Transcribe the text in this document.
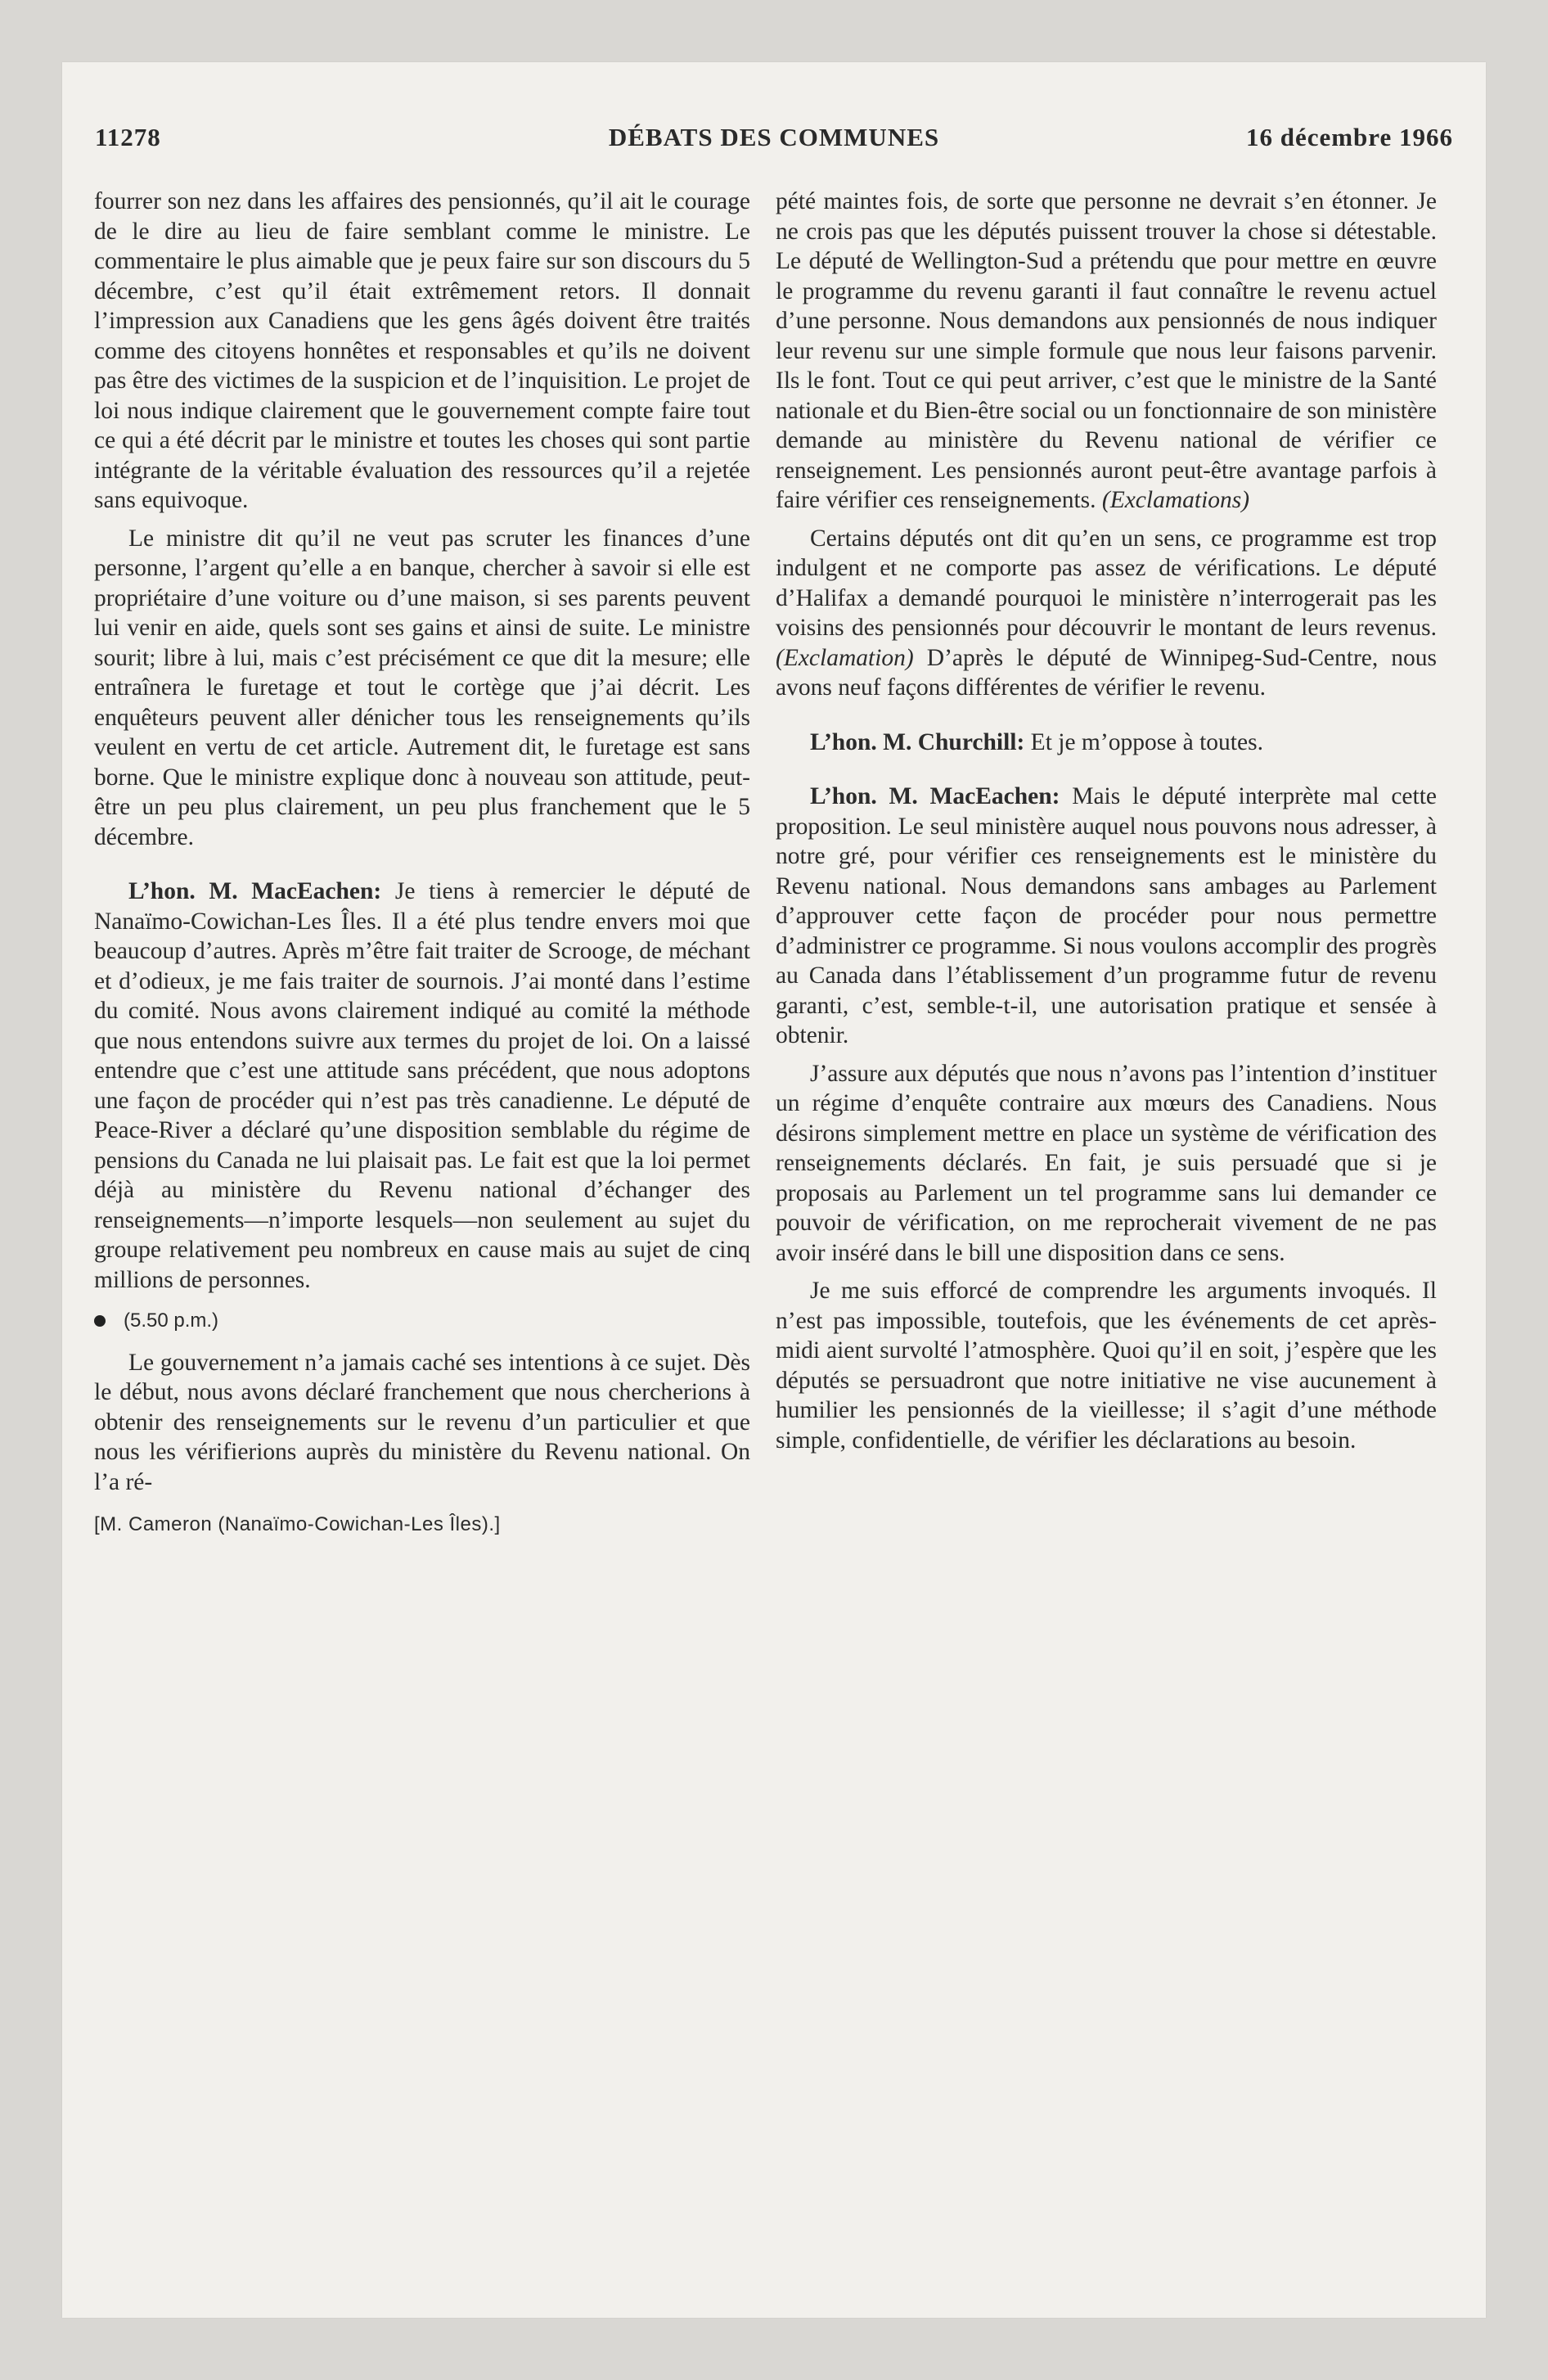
11278	DÉBATS DES COMMUNES	16 décembre 1966

fourrer son nez dans les affaires des pensionnés, qu’il ait le courage de le dire au lieu de faire semblant comme le ministre. Le commentaire le plus aimable que je peux faire sur son discours du 5 décembre, c’est qu’il était extrêmement retors. Il donnait l’impression aux Canadiens que les gens âgés doivent être traités comme des citoyens honnêtes et responsables et qu’ils ne doivent pas être des victimes de la suspicion et de l’inquisition. Le projet de loi nous indique clairement que le gouvernement compte faire tout ce qui a été décrit par le ministre et toutes les choses qui sont partie intégrante de la véritable évaluation des ressources qu’il a rejetée sans equivoque.

Le ministre dit qu’il ne veut pas scruter les finances d’une personne, l’argent qu’elle a en banque, chercher à savoir si elle est propriétaire d’une voiture ou d’une maison, si ses parents peuvent lui venir en aide, quels sont ses gains et ainsi de suite. Le ministre sourit; libre à lui, mais c’est précisément ce que dit la mesure; elle entraînera le furetage et tout le cortège que j’ai décrit. Les enquêteurs peuvent aller dénicher tous les renseignements qu’ils veulent en vertu de cet article. Autrement dit, le furetage est sans borne. Que le ministre explique donc à nouveau son attitude, peut-être un peu plus clairement, un peu plus franchement que le 5 décembre.

L’hon. M. MacEachen: Je tiens à remercier le député de Nanaïmo-Cowichan-Les Îles. Il a été plus tendre envers moi que beaucoup d’autres. Après m’être fait traiter de Scrooge, de méchant et d’odieux, je me fais traiter de sournois. J’ai monté dans l’estime du comité. Nous avons clairement indiqué au comité la méthode que nous entendons suivre aux termes du projet de loi. On a laissé entendre que c’est une attitude sans précédent, que nous adoptons une façon de procéder qui n’est pas très canadienne. Le député de Peace-River a déclaré qu’une disposition semblable du régime de pensions du Canada ne lui plaisait pas. Le fait est que la loi permet déjà au ministère du Revenu national d’échanger des renseignements—n’importe lesquels—non seulement au sujet du groupe relativement peu nombreux en cause mais au sujet de cinq millions de personnes.

(5.50 p.m.)

Le gouvernement n’a jamais caché ses intentions à ce sujet. Dès le début, nous avons déclaré franchement que nous chercherions à obtenir des renseignements sur le revenu d’un particulier et que nous les vérifierions auprès du ministère du Revenu national. On l’a ré-

[M. Cameron (Nanaïmo-Cowichan-Les Îles).]

pété maintes fois, de sorte que personne ne devrait s’en étonner. Je ne crois pas que les députés puissent trouver la chose si détestable. Le député de Wellington-Sud a prétendu que pour mettre en œuvre le programme du revenu garanti il faut connaître le revenu actuel d’une personne. Nous demandons aux pensionnés de nous indiquer leur revenu sur une simple formule que nous leur faisons parvenir. Ils le font. Tout ce qui peut arriver, c’est que le ministre de la Santé nationale et du Bien-être social ou un fonctionnaire de son ministère demande au ministère du Revenu national de vérifier ce renseignement. Les pensionnés auront peut-être avantage parfois à faire vérifier ces renseignements. (Exclamations)

Certains députés ont dit qu’en un sens, ce programme est trop indulgent et ne comporte pas assez de vérifications. Le député d’Halifax a demandé pourquoi le ministère n’interrogerait pas les voisins des pensionnés pour découvrir le montant de leurs revenus. (Exclamation) D’après le député de Winnipeg-Sud-Centre, nous avons neuf façons différentes de vérifier le revenu.

L’hon. M. Churchill: Et je m’oppose à toutes.

L’hon. M. MacEachen: Mais le député interprète mal cette proposition. Le seul ministère auquel nous pouvons nous adresser, à notre gré, pour vérifier ces renseignements est le ministère du Revenu national. Nous demandons sans ambages au Parlement d’approuver cette façon de procéder pour nous permettre d’administrer ce programme. Si nous voulons accomplir des progrès au Canada dans l’établissement d’un programme futur de revenu garanti, c’est, semble-t-il, une autorisation pratique et sensée à obtenir.

J’assure aux députés que nous n’avons pas l’intention d’instituer un régime d’enquête contraire aux mœurs des Canadiens. Nous désirons simplement mettre en place un système de vérification des renseignements déclarés. En fait, je suis persuadé que si je proposais au Parlement un tel programme sans lui demander ce pouvoir de vérification, on me reprocherait vivement de ne pas avoir inséré dans le bill une disposition dans ce sens.

Je me suis efforcé de comprendre les arguments invoqués. Il n’est pas impossible, toutefois, que les événements de cet après-midi aient survolté l’atmosphère. Quoi qu’il en soit, j’espère que les députés se persuadront que notre initiative ne vise aucunement à humilier les pensionnés de la vieillesse; il s’agit d’une méthode simple, confidentielle, de vérifier les déclarations au besoin.
